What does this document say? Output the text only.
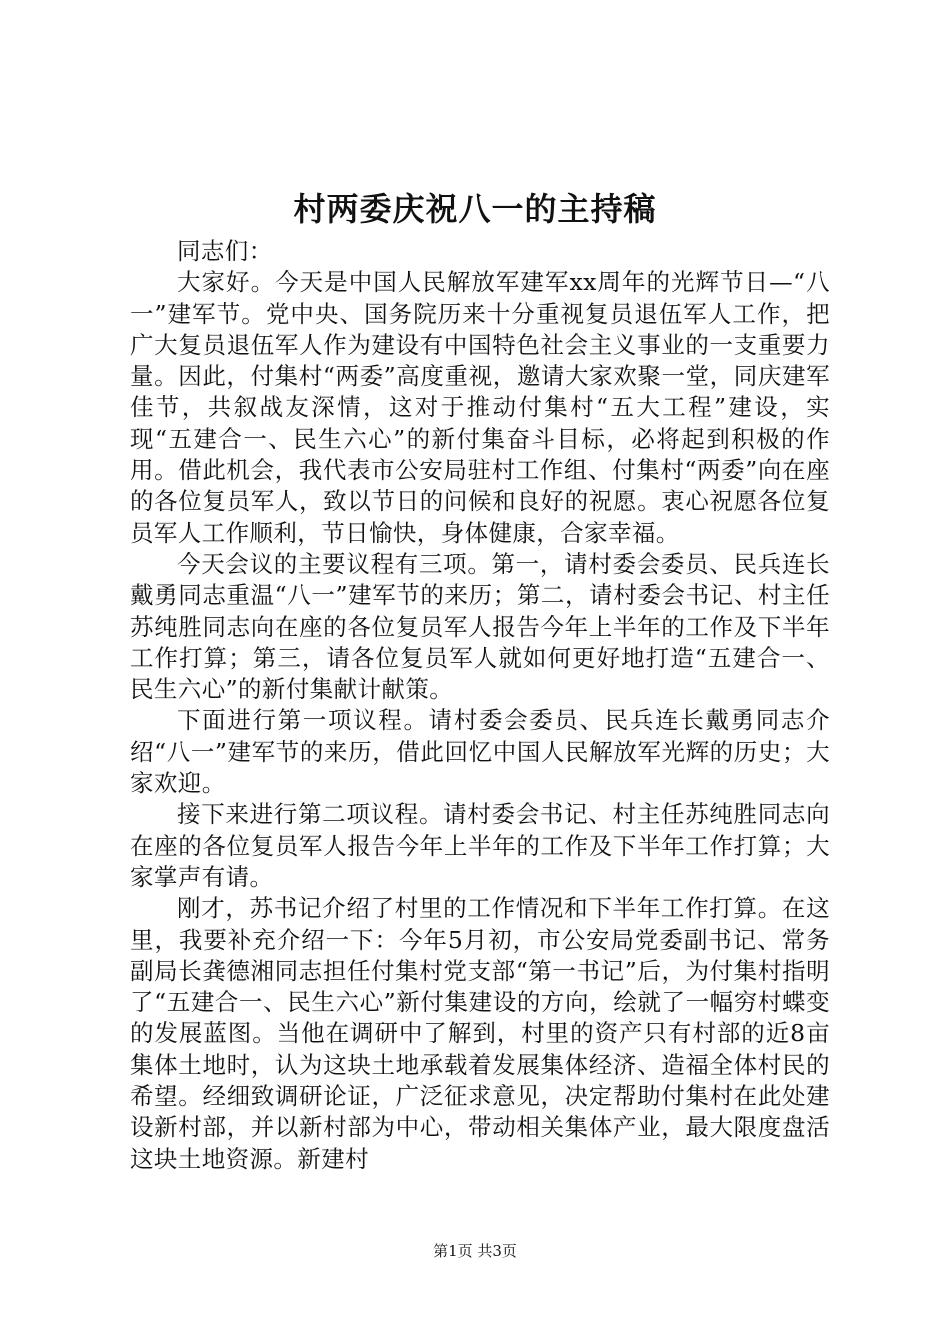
村两委庆祝八一的主持稿

同志们：

大家好。今天是中国人民解放军建军xx周年的光辉节日—“八一”建军节。党中央、国务院历来十分重视复员退伍军人工作，把广大复员退伍军人作为建设有中国特色社会主义事业的一支重要力量。因此，付集村“两委”高度重视，邀请大家欢聚一堂，同庆建军佳节，共叙战友深情，这对于推动付集村“五大工程”建设，实现“五建合一、民生六心”的新付集奋斗目标，必将起到积极的作用。借此机会，我代表市公安局驻村工作组、付集村“两委”向在座的各位复员军人，致以节日的问候和良好的祝愿。衷心祝愿各位复员军人工作顺利，节日愉快，身体健康，合家幸福。

今天会议的主要议程有三项。第一，请村委会委员、民兵连长戴勇同志重温“八一”建军节的来历；第二，请村委会书记、村主任苏纯胜同志向在座的各位复员军人报告今年上半年的工作及下半年工作打算；第三，请各位复员军人就如何更好地打造“五建合一、民生六心”的新付集献计献策。

下面进行第一项议程。请村委会委员、民兵连长戴勇同志介绍“八一”建军节的来历，借此回忆中国人民解放军光辉的历史；大家欢迎。

接下来进行第二项议程。请村委会书记、村主任苏纯胜同志向在座的各位复员军人报告今年上半年的工作及下半年工作打算；大家掌声有请。

刚才，苏书记介绍了村里的工作情况和下半年工作打算。在这里，我要补充介绍一下：今年5月初，市公安局党委副书记、常务副局长龚德湘同志担任付集村党支部“第一书记”后，为付集村指明了“五建合一、民生六心”新付集建设的方向，绘就了一幅穷村蝶变的发展蓝图。当他在调研中了解到，村里的资产只有村部的近8亩集体土地时，认为这块土地承载着发展集体经济、造福全体村民的希望。经细致调研论证，广泛征求意见，决定帮助付集村在此处建设新村部，并以新村部为中心，带动相关集体产业，最大限度盘活这块土地资源。新建村

第1页 共3页
